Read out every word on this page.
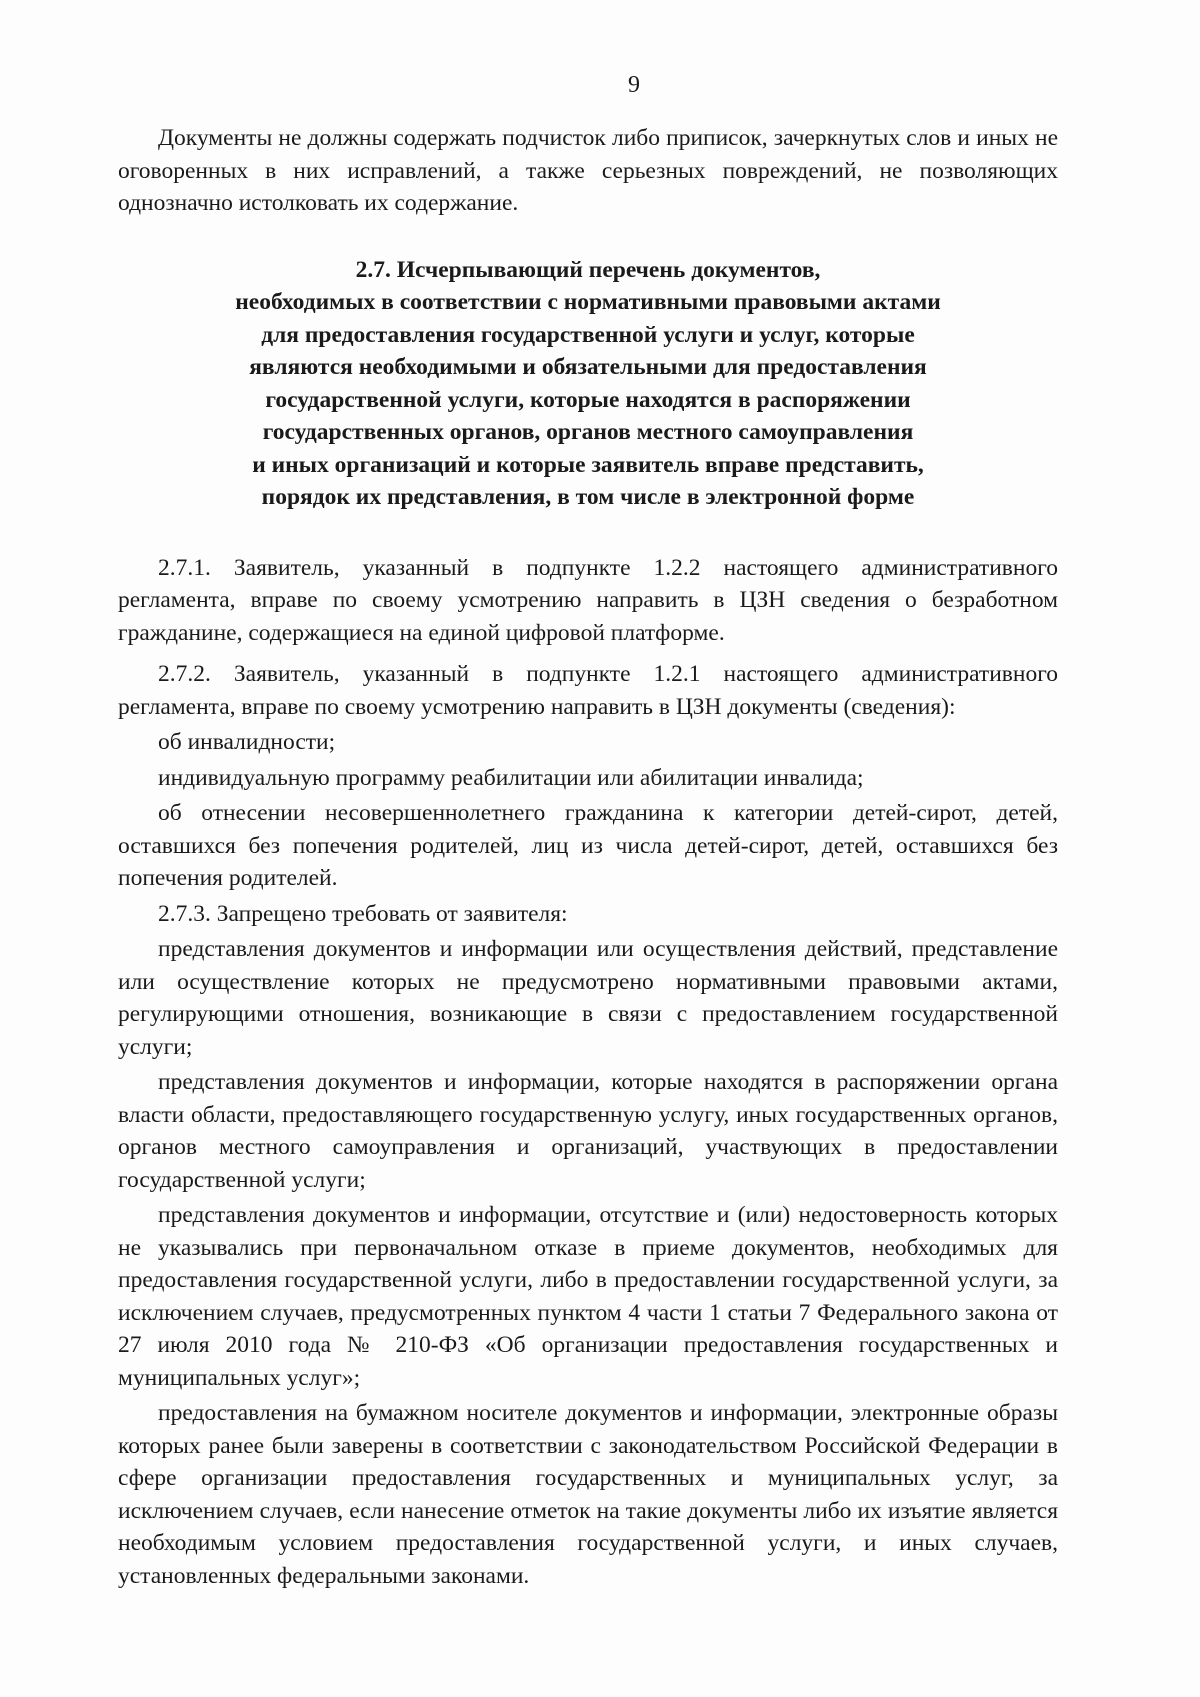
9

Документы не должны содержать подчисток либо приписок, зачеркнутых слов и иных не оговоренных в них исправлений, а также серьезных повреждений, не позволяющих однозначно истолковать их содержание.

2.7. Исчерпывающий перечень документов,
необходимых в соответствии с нормативными правовыми актами
для предоставления государственной услуги и услуг, которые
являются необходимыми и обязательными для предоставления
государственной услуги, которые находятся в распоряжении
государственных органов, органов местного самоуправления
и иных организаций и которые заявитель вправе представить,
порядок их представления, в том числе в электронной форме

2.7.1. Заявитель, указанный в подпункте 1.2.2 настоящего административного регламента, вправе по своему усмотрению направить в ЦЗН сведения о безработном гражданине, содержащиеся на единой цифровой платформе.

2.7.2. Заявитель, указанный в подпункте 1.2.1 настоящего административного регламента, вправе по своему усмотрению направить в ЦЗН документы (сведения):

об инвалидности;

индивидуальную программу реабилитации или абилитации инвалида;

об отнесении несовершеннолетнего гражданина к категории детей-сирот, детей, оставшихся без попечения родителей, лиц из числа детей-сирот, детей, оставшихся без попечения родителей.

2.7.3. Запрещено требовать от заявителя:

представления документов и информации или осуществления действий, представление или осуществление которых не предусмотрено нормативными правовыми актами, регулирующими отношения, возникающие в связи с предоставлением государственной услуги;

представления документов и информации, которые находятся в распоряжении органа власти области, предоставляющего государственную услугу, иных государственных органов, органов местного самоуправления и организаций, участвующих в предоставлении государственной услуги;

представления документов и информации, отсутствие и (или) недостоверность которых не указывались при первоначальном отказе в приеме документов, необходимых для предоставления государственной услуги, либо в предоставлении государственной услуги, за исключением случаев, предусмотренных пунктом 4 части 1 статьи 7 Федерального закона от 27 июля 2010 года № 210-ФЗ «Об организации предоставления государственных и муниципальных услуг»;

предоставления на бумажном носителе документов и информации, электронные образы которых ранее были заверены в соответствии с законодательством Российской Федерации в сфере организации предоставления государственных и муниципальных услуг, за исключением случаев, если нанесение отметок на такие документы либо их изъятие является необходимым условием предоставления государственной услуги, и иных случаев, установленных федеральными законами.
